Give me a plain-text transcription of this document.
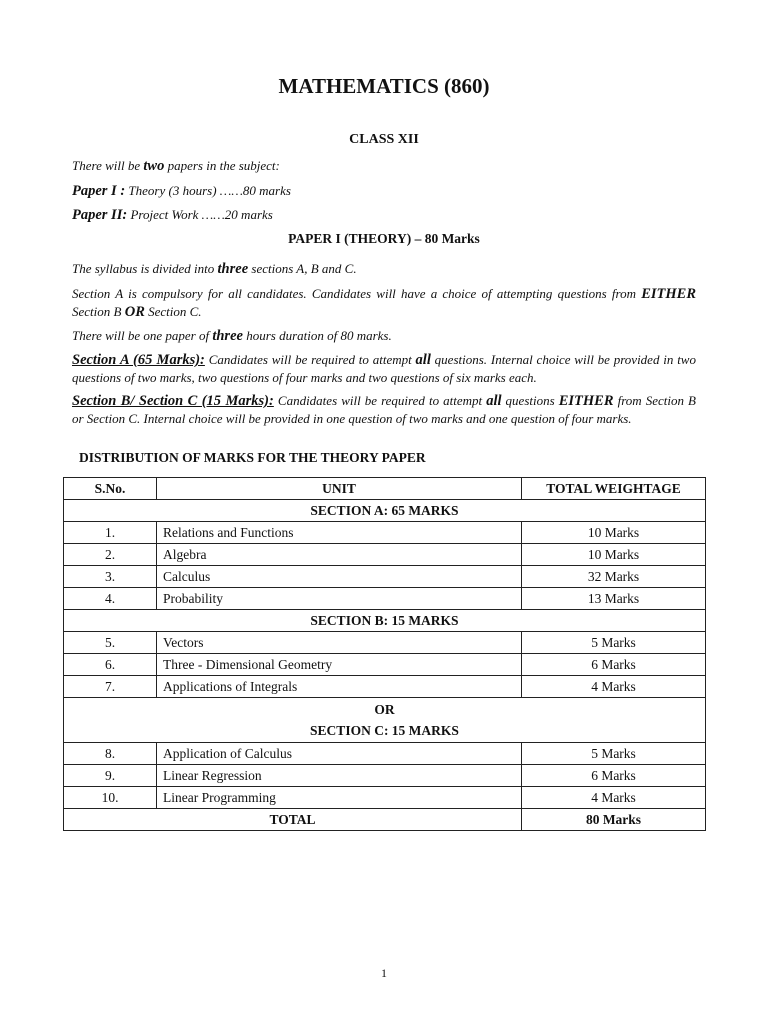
MATHEMATICS (860)
CLASS XII
There will be two papers in the subject:
Paper I : Theory (3 hours) ……80 marks
Paper II: Project Work ……20 marks
PAPER I (THEORY) – 80 Marks
The syllabus is divided into three sections A, B and C.
Section A is compulsory for all candidates. Candidates will have a choice of attempting questions from EITHER Section B OR Section C.
There will be one paper of three hours duration of 80 marks.
Section A (65 Marks): Candidates will be required to attempt all questions. Internal choice will be provided in two questions of two marks, two questions of four marks and two questions of six marks each.
Section B/ Section C (15 Marks): Candidates will be required to attempt all questions EITHER from Section B or Section C. Internal choice will be provided in one question of two marks and one question of four marks.
DISTRIBUTION OF MARKS FOR THE THEORY PAPER
S.No.	UNIT	TOTAL WEIGHTAGE
SECTION A: 65 MARKS		
1.	Relations and Functions	10 Marks
2.	Algebra	10 Marks
3.	Calculus	32 Marks
4.	Probability	13 Marks
SECTION B: 15 MARKS		
5.	Vectors	5 Marks
6.	Three - Dimensional Geometry	6 Marks
7.	Applications of Integrals	4 Marks

OR
SECTION C: 15 MARKS		

8.	Application of Calculus	5 Marks
9.	Linear Regression	6 Marks
10.	Linear Programming	4 Marks
TOTAL		80 Marks
1
